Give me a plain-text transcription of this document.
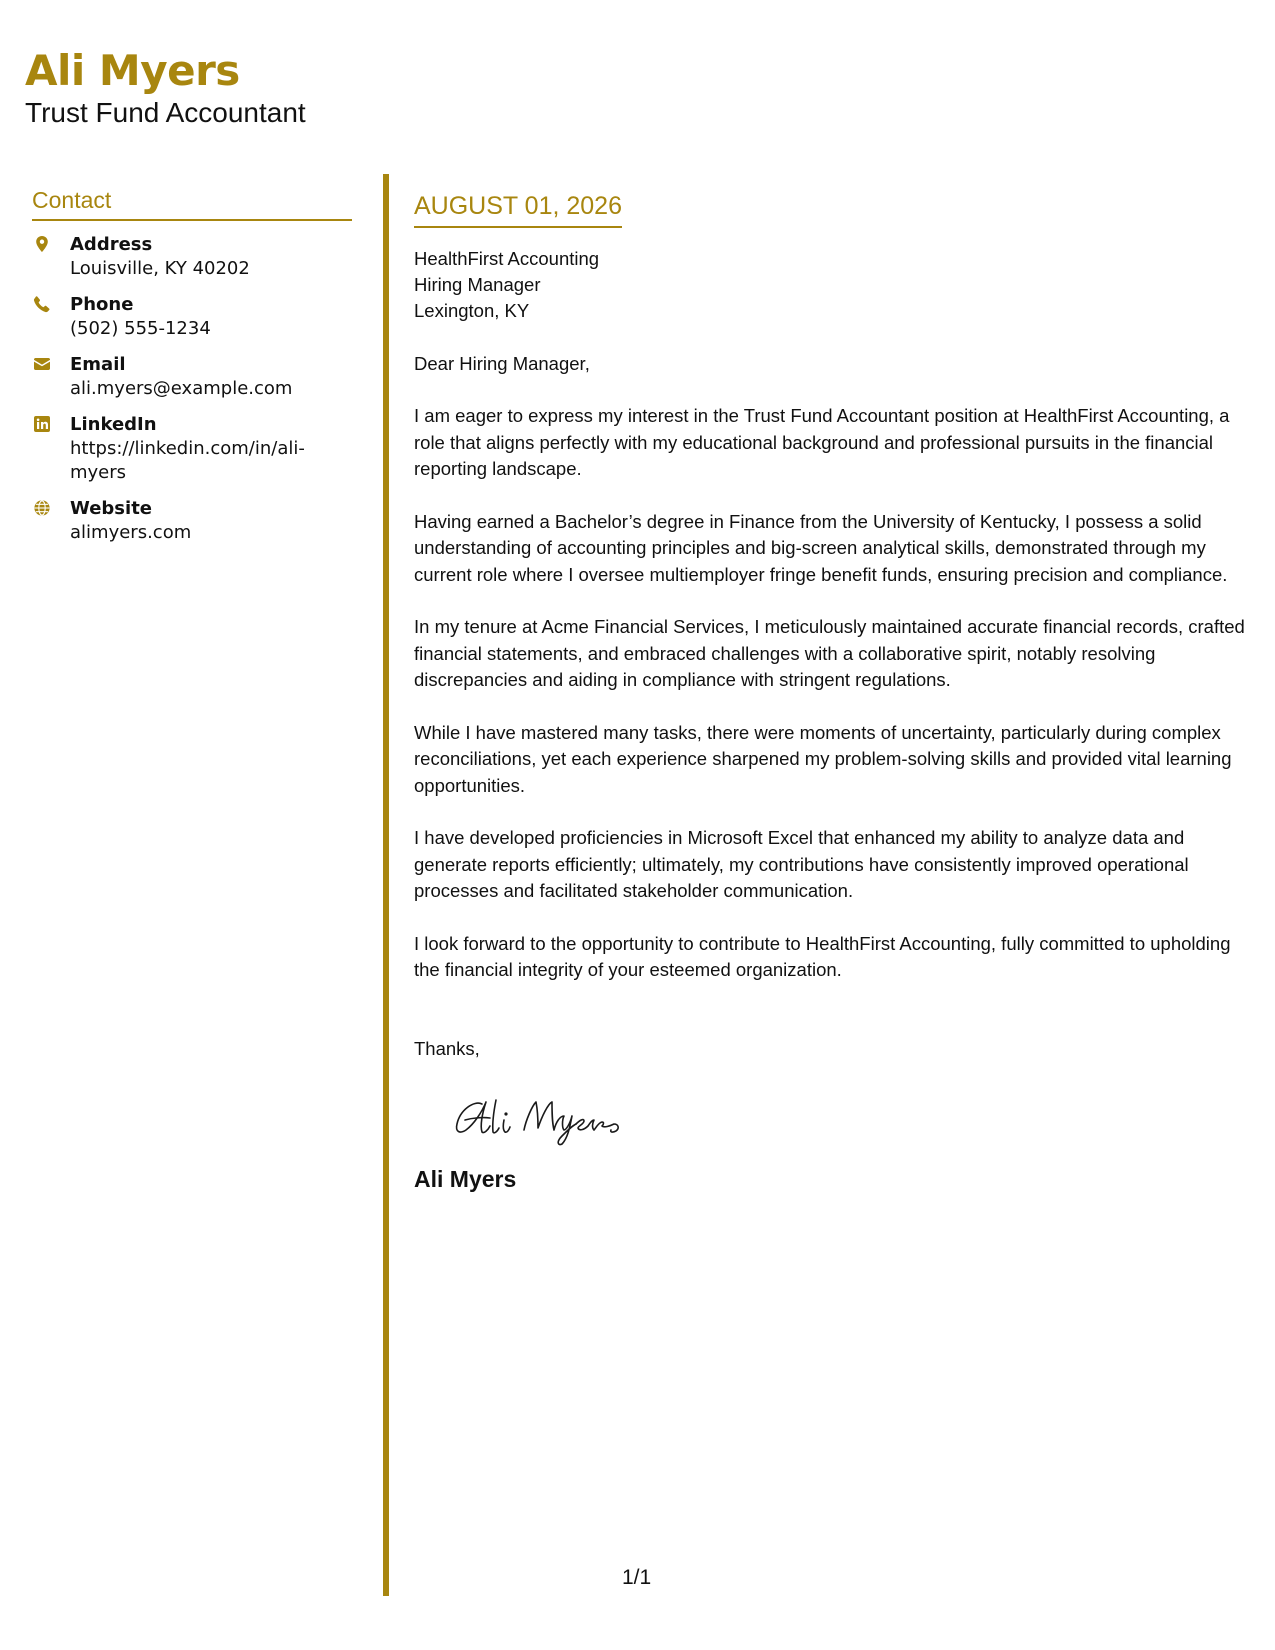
Ali Myers
Trust Fund Accountant
Contact
Address
Louisville, KY 40202
Phone
(502) 555-1234
Email
ali.myers@example.com
LinkedIn
https://linkedin.com/in/ali-myers
Website
alimyers.com
AUGUST 01, 2026
HealthFirst Accounting
Hiring Manager
Lexington, KY
Dear Hiring Manager,

I am eager to express my interest in the Trust Fund Accountant position at HealthFirst Accounting, a role that aligns perfectly with my educational background and professional pursuits in the financial reporting landscape.

Having earned a Bachelor’s degree in Finance from the University of Kentucky, I possess a solid understanding of accounting principles and big-screen analytical skills, demonstrated through my current role where I oversee multiemployer fringe benefit funds, ensuring precision and compliance.

In my tenure at Acme Financial Services, I meticulously maintained accurate financial records, crafted financial statements, and embraced challenges with a collaborative spirit, notably resolving discrepancies and aiding in compliance with stringent regulations.

While I have mastered many tasks, there were moments of uncertainty, particularly during complex reconciliations, yet each experience sharpened my problem-solving skills and provided vital learning opportunities.

I have developed proficiencies in Microsoft Excel that enhanced my ability to analyze data and generate reports efficiently; ultimately, my contributions have consistently improved operational processes and facilitated stakeholder communication.

I look forward to the opportunity to contribute to HealthFirst Accounting, fully committed to upholding the financial integrity of your esteemed organization.

Thanks,
Ali Myers
1/1
